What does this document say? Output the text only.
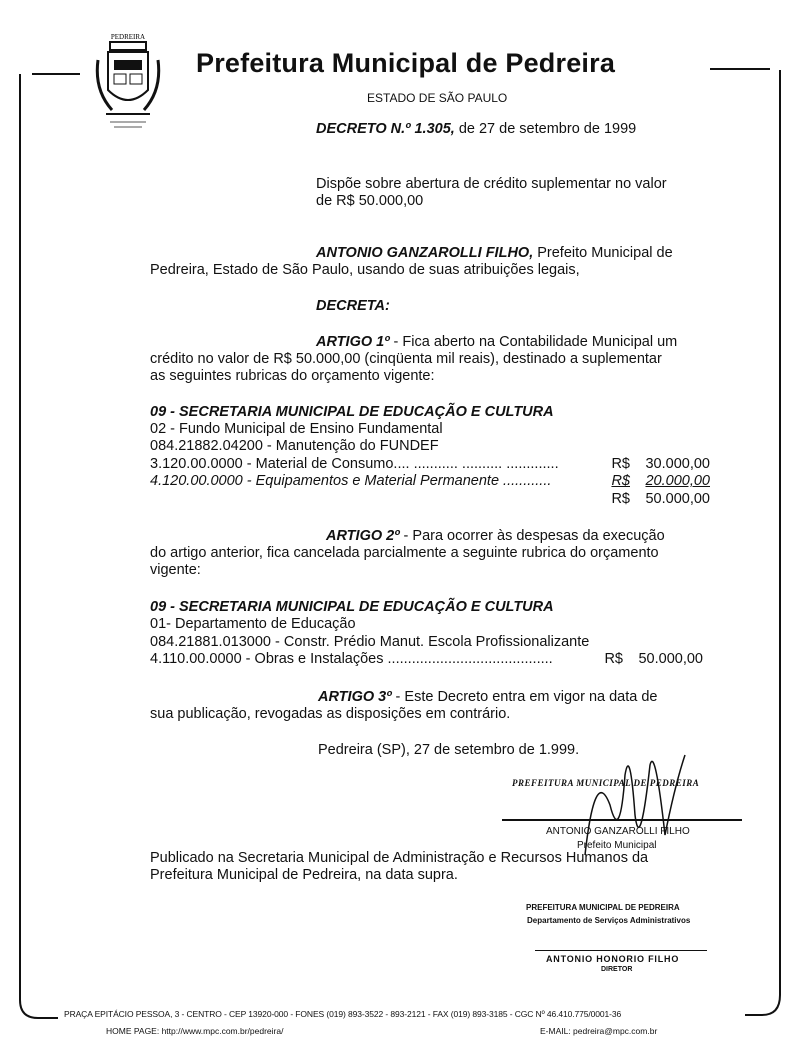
PEDREIRA
Prefeitura Municipal de Pedreira
ESTADO DE SÃO PAULO
DECRETO N.º 1.305, de 27 de setembro de 1999
Dispõe sobre abertura de crédito suplementar no valor
de R$ 50.000,00
ANTONIO GANZAROLLI FILHO, Prefeito Municipal de
Pedreira, Estado de São Paulo, usando de suas atribuições legais,
DECRETA:
ARTIGO 1º - Fica aberto na Contabilidade Municipal um
crédito no valor de R$ 50.000,00 (cinqüenta mil reais), destinado a suplementar
as seguintes rubricas do orçamento vigente:
09 - SECRETARIA MUNICIPAL DE EDUCAÇÃO E CULTURA
02 - Fundo Municipal de Ensino Fundamental
084.21882.04200 - Manutenção do FUNDEF
3.120.00.0000 - Material de Consumo.... ........... .......... .............	R$ 30.000,00
4.120.00.0000 - Equipamentos e Material Permanente ............	R$ 20.000,00
R$ 50.000,00
ARTIGO 2º - Para ocorrer às despesas da execução
do artigo anterior, fica cancelada parcialmente a seguinte rubrica do orçamento
vigente:
09 - SECRETARIA MUNICIPAL DE EDUCAÇÃO E CULTURA
01- Departamento de Educação
084.21881.013000 - Constr. Prédio Manut. Escola Profissionalizante
4.110.00.0000 - Obras e Instalações .........................................	R$ 50.000,00
ARTIGO 3º - Este Decreto entra em vigor na data de
sua publicação, revogadas as disposições em contrário.
Pedreira (SP), 27 de setembro de 1.999.
PREFEITURA MUNICIPAL DE PEDREIRA
ANTONIO GANZAROLLI FILHO
Prefeito Municipal
Publicado na Secretaria Municipal de Administração e Recursos Humanos da
Prefeitura Municipal de Pedreira, na data supra.
PREFEITURA MUNICIPAL DE PEDREIRA
Departamento de Serviços Administrativos
ANTONIO HONORIO FILHO
DIRETOR
PRAÇA EPITÁCIO PESSOA, 3 - CENTRO - CEP 13920-000 - FONES (019) 893-3522 - 893-2121 - FAX (019) 893-3185 - CGC Nº 46.410.775/0001-36
HOME PAGE: http://www.mpc.com.br/pedreira/	E-MAIL: pedreira@mpc.com.br
